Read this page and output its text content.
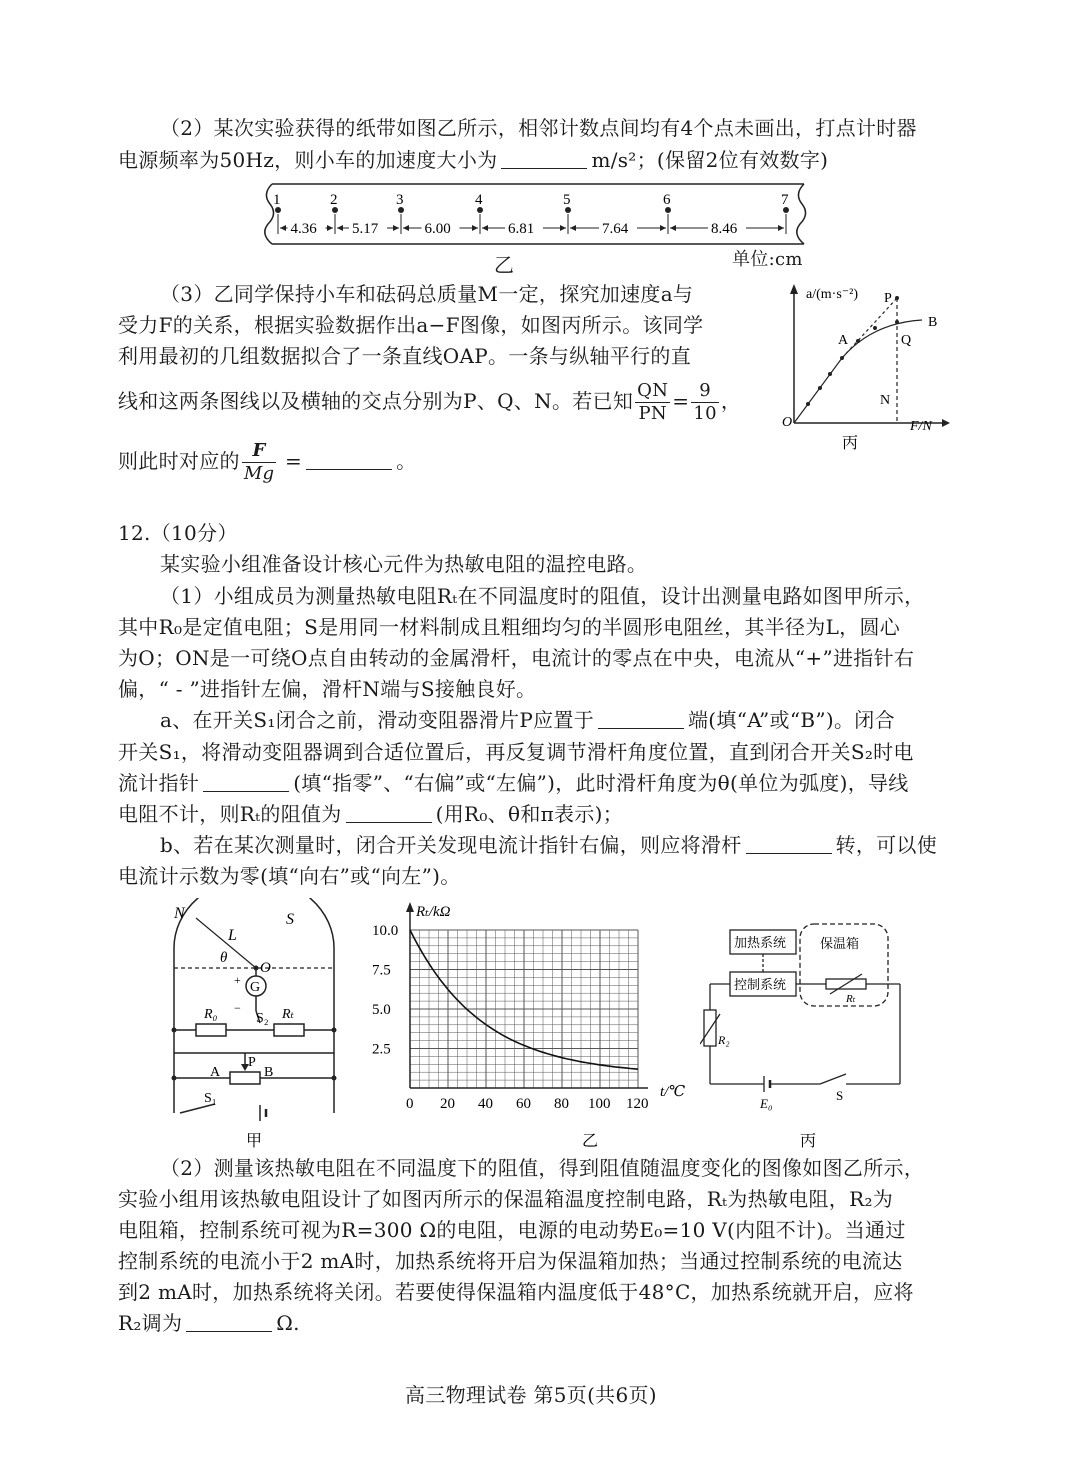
（2）某次实验获得的纸带如图乙所示，相邻计数点间均有4个点未画出，打点计时器
电源频率为50Hz，则小车的加速度大小为	m/s²；(保留2位有效数字)
1	2	3	4	5	6	7
4.36 5.17	6.00	6.81	7.64	8.46
乙	单位:cm
（3）乙同学保持小车和砝码总质量M一定，探究加速度a与
受力F的关系，根据实验数据作出a−F图像，如图丙所示。该同学
利用最初的几组数据拟合了一条直线OAP。一条与纵轴平行的直
线和这两条图线以及横轴的交点分别为P、Q、N。若已知 $\frac{QN}{PN} = \frac{9}{10}$ ，
则此时对应的 $\frac{F}{Mg}$ =	。
a/(m·s⁻²)
F/N
O
P
A
B
Q
N
丙
12.（10分）
某实验小组准备设计核心元件为热敏电阻的温控电路。
（1）小组成员为测量热敏电阻Rₜ在不同温度时的阻值，设计出测量电路如图甲所示，
其中R₀是定值电阻；S是用同一材料制成且粗细均匀的半圆形电阻丝，其半径为L，圆心
为O；ON是一可绕O点自由转动的金属滑杆，电流计的零点在中央，电流从“+”进指针右
偏，“ - ”进指针左偏，滑杆N端与S接触良好。
a、在开关S₁闭合之前，滑动变阻器滑片P应置于	端(填“A”或“B”)。闭合
开关S₁，将滑动变阻器调到合适位置后，再反复调节滑杆角度位置，直到闭合开关S₂时电
流计指针	(填“指零”、“右偏”或“左偏”)，此时滑杆角度为θ(单位为弧度)，导线
电阻不计，则Rₜ的阻值为	(用R₀、θ和π表示)；
b、若在某次测量时，闭合开关发现电流计指针右偏，则应将滑杆	转，可以使
电流计示数为零(填“向右”或“向左”)。
N	S
L
θ
O
G
+
−
R₀	S₂ Rₜ
A
P
B
S₁
甲
10.0
7.5
5.0
2.5
0 20 40 60 80 100 120
Rₜ/kΩ
t/℃
乙
加热系统	保温箱
控制系统
Rₜ
R₂
E₀
S
丙
（2）测量该热敏电阻在不同温度下的阻值，得到阻值随温度变化的图像如图乙所示，
实验小组用该热敏电阻设计了如图丙所示的保温箱温度控制电路，Rₜ为热敏电阻，R₂为
电阻箱，控制系统可视为R=300 Ω的电阻，电源的电动势E₀=10 V(内阻不计)。当通过
控制系统的电流小于2 mA时，加热系统将开启为保温箱加热；当通过控制系统的电流达
到2 mA时，加热系统将关闭。若要使得保温箱内温度低于48°C，加热系统就开启，应将
R₂调为	Ω.
高三物理试卷 第5页(共6页)
